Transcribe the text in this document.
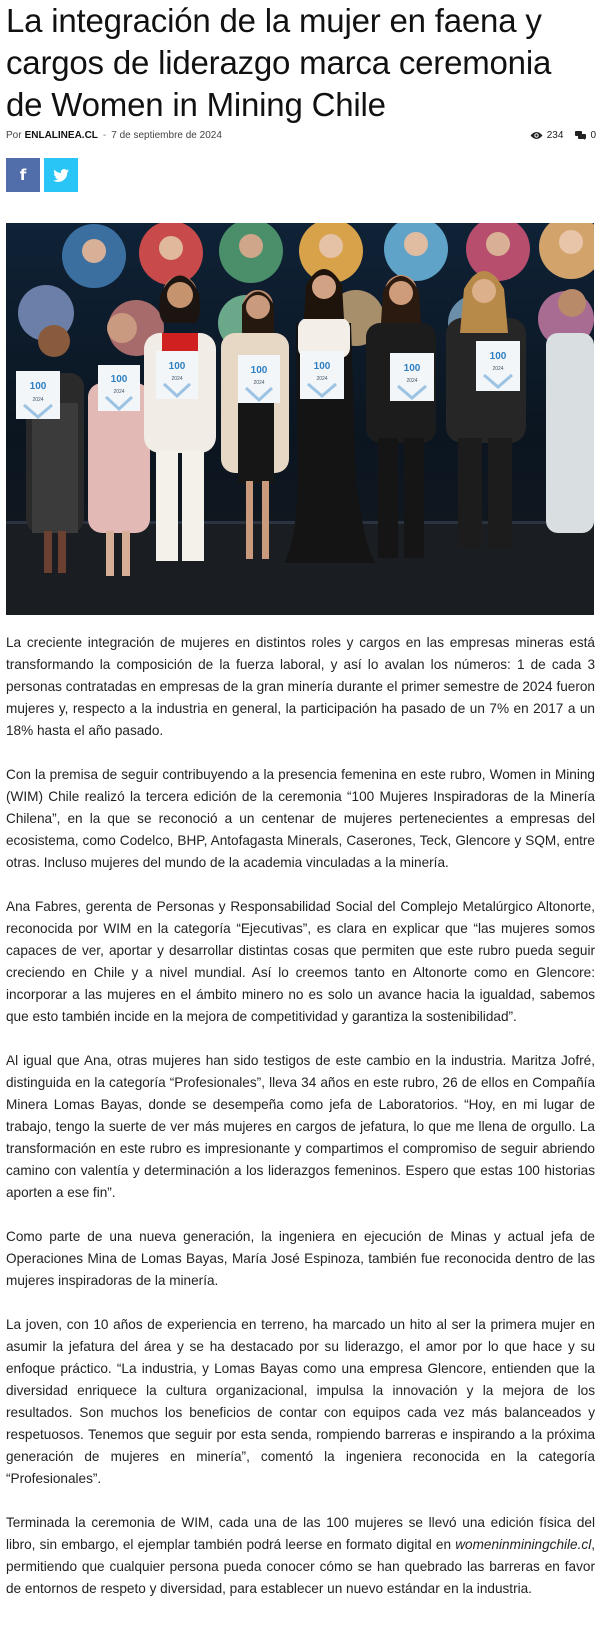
La integración de la mujer en faena y cargos de liderazgo marca ceremonia de Women in Mining Chile
Por ENLALINEA.CL - 7 de septiembre de 2024	234	0
f
100
2024
100
2024
100
2024
100
2024
100
2024
100
2024
100
2024

La creciente integración de mujeres en distintos roles y cargos en las empresas mineras está transformando la composición de la fuerza laboral, y así lo avalan los números: 1 de cada 3 personas contratadas en empresas de la gran minería durante el primer semestre de 2024 fueron mujeres y, respecto a la industria en general, la participación ha pasado de un 7% en 2017 a un 18% hasta el año pasado.

Con la premisa de seguir contribuyendo a la presencia femenina en este rubro, Women in Mining (WIM) Chile realizó la tercera edición de la ceremonia “100 Mujeres Inspiradoras de la Minería Chilena”, en la que se reconoció a un centenar de mujeres pertenecientes a empresas del ecosistema, como Codelco, BHP, Antofagasta Minerals, Caserones, Teck, Glencore y SQM, entre otras. Incluso mujeres del mundo de la academia vinculadas a la minería.

Ana Fabres, gerenta de Personas y Responsabilidad Social del Complejo Metalúrgico Altonorte, reconocida por WIM en la categoría “Ejecutivas”, es clara en explicar que “las mujeres somos capaces de ver, aportar y desarrollar distintas cosas que permiten que este rubro pueda seguir creciendo en Chile y a nivel mundial. Así lo creemos tanto en Altonorte como en Glencore: incorporar a las mujeres en el ámbito minero no es solo un avance hacia la igualdad, sabemos que esto también incide en la mejora de competitividad y garantiza la sostenibilidad”.

Al igual que Ana, otras mujeres han sido testigos de este cambio en la industria. Maritza Jofré, distinguida en la categoría “Profesionales”, lleva 34 años en este rubro, 26 de ellos en Compañía Minera Lomas Bayas, donde se desempeña como jefa de Laboratorios. “Hoy, en mi lugar de trabajo, tengo la suerte de ver más mujeres en cargos de jefatura, lo que me llena de orgullo. La transformación en este rubro es impresionante y compartimos el compromiso de seguir abriendo camino con valentía y determinación a los liderazgos femeninos. Espero que estas 100 historias aporten a ese fin”.

Como parte de una nueva generación, la ingeniera en ejecución de Minas y actual jefa de Operaciones Mina de Lomas Bayas, María José Espinoza, también fue reconocida dentro de las mujeres inspiradoras de la minería.

La joven, con 10 años de experiencia en terreno, ha marcado un hito al ser la primera mujer en asumir la jefatura del área y se ha destacado por su liderazgo, el amor por lo que hace y su enfoque práctico. “La industria, y Lomas Bayas como una empresa Glencore, entienden que la diversidad enriquece la cultura organizacional, impulsa la innovación y la mejora de los resultados. Son muchos los beneficios de contar con equipos cada vez más balanceados y respetuosos. Tenemos que seguir por esta senda, rompiendo barreras e inspirando a la próxima generación de mujeres en minería”, comentó la ingeniera reconocida en la categoría “Profesionales”.

Terminada la ceremonia de WIM, cada una de las 100 mujeres se llevó una edición física del libro, sin embargo, el ejemplar también podrá leerse en formato digital en womeninminingchile.cl, permitiendo que cualquier persona pueda conocer cómo se han quebrado las barreras en favor de entornos de respeto y diversidad, para establecer un nuevo estándar en la industria.
